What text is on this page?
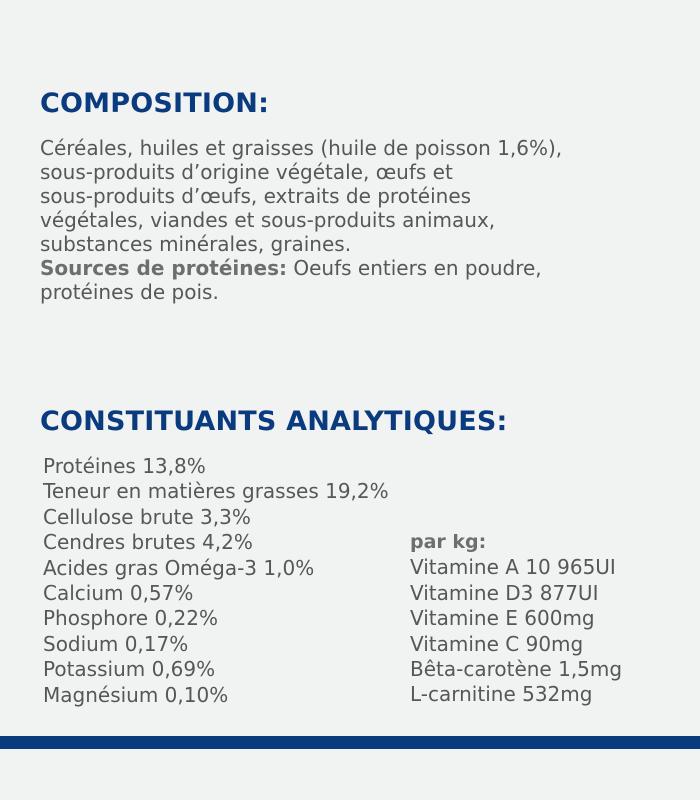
COMPOSITION:
Céréales, huiles et graisses (huile de poisson 1,6%),
sous-produits d’origine végétale, œufs et
sous-produits d’œufs, extraits de protéines
végétales, viandes et sous-produits animaux,
substances minérales, graines.
Sources de protéines: Oeufs entiers en poudre,
protéines de pois.
CONSTITUANTS ANALYTIQUES:
Protéines 13,8%
Teneur en matières grasses 19,2%
Cellulose brute 3,3%
Cendres brutes 4,2%
Acides gras Oméga-3 1,0%
Calcium 0,57%
Phosphore 0,22%
Sodium 0,17%
Potassium 0,69%
Magnésium 0,10%
par kg:
Vitamine A 10 965UI
Vitamine D3 877UI
Vitamine E 600mg
Vitamine C 90mg
Bêta-carotène 1,5mg
L-carnitine 532mg
